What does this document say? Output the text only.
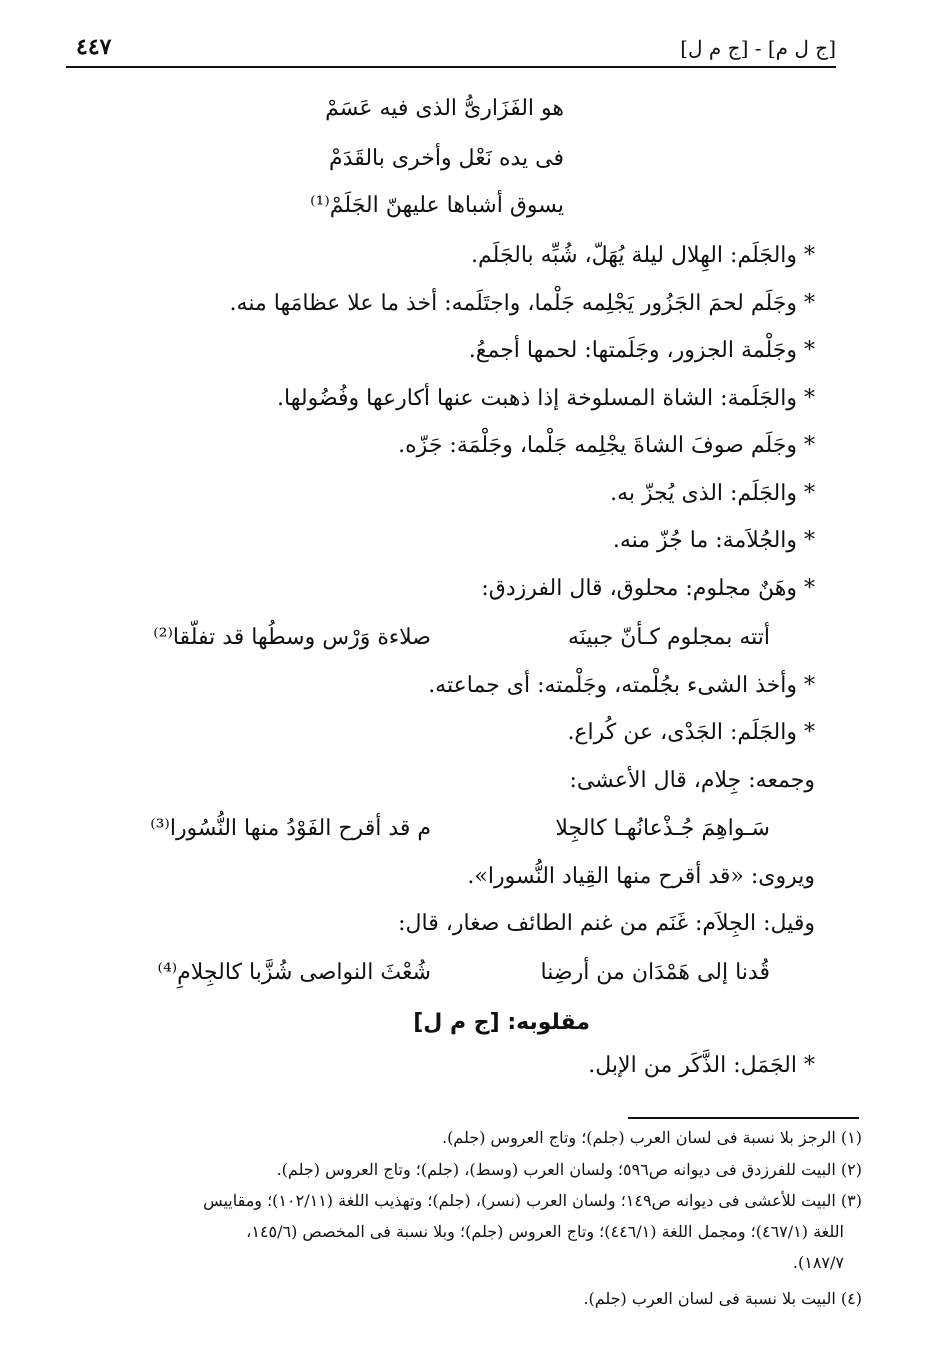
[ج ل م] - [ج م ل]
٤٤٧
هو الفَزَارىُّ الذى فيه عَسَمْ
فى يده نَعْل وأخرى بالقَدَمْ
يسوق أشباها عليهنّ الجَلَمْ⁽¹⁾
* والجَلَم: الهِلال ليلة يُهَلّ، شُبِّه بالجَلَم.
* وجَلَم لحمَ الجَزُور يَجْلِمه جَلْما، واجتَلَمه: أخذ ما علا عظامَها منه.
* وجَلْمة الجزور، وجَلَمتها: لحمها أجمعُ.
* والجَلَمة: الشاة المسلوخة إذا ذهبت عنها أكارعها وفُضُولها.
* وجَلَم صوفَ الشاةَ يجْلِمه جَلْما، وجَلْمَة: جَزّه.
* والجَلَم: الذى يُجزّ به.
* والجُلاَمة: ما جُزّ منه.
* وهَنٌ مجلوم: محلوق، قال الفرزدق:
أتته بمجلوم كـأنّ جبينَه
صلاءة وَرْس وسطُها قد تفلّقا⁽²⁾
* وأخذ الشىء بجُلْمته، وجَلْمته: أى جماعته.
* والجَلَم: الجَدْى، عن كُراع.
وجمعه: جِلام، قال الأعشى:
سَـواهِمَ جُـذْعانُهـا كالجِلا
م قد أقرح الفَوْدُ منها النُّسُورا⁽³⁾
ويروى: «قد أقرح منها القِياد النُّسورا».
وقيل: الجِلاَم: غَنَم من غنم الطائف صغار، قال:
قُدنا إلى هَمْدَان من أرضِنا
شُعْثَ النواصى شُزَّبا كالجِلامِ⁽⁴⁾
مقلوبه: [ج م ل]
* الجَمَل: الذَّكَر من الإبل.
(١) الرجز بلا نسبة فى لسان العرب (جلم)؛ وتاج العروس (جلم).
(٢) البيت للفرزدق فى ديوانه ص٥٩٦؛ ولسان العرب (وسط)، (جلم)؛ وتاج العروس (جلم).
(٣) البيت للأعشى فى ديوانه ص١٤٩؛ ولسان العرب (نسر)، (جلم)؛ وتهذيب اللغة (١٠٢/١١)؛ ومقاييس
اللغة (٤٦٧/١)؛ ومجمل اللغة (٤٤٦/١)؛ وتاج العروس (جلم)؛ وبلا نسبة فى المخصص (١٤٥/٦،
١٨٧/٧).
(٤) البيت بلا نسبة فى لسان العرب (جلم).
